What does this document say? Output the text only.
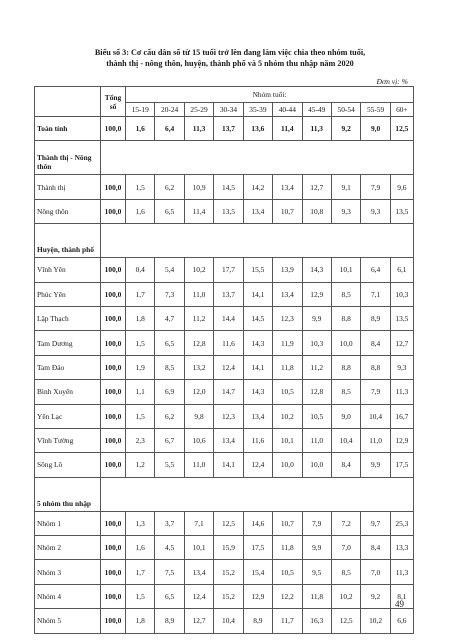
Biểu số 3: Cơ cấu dân số từ 15 tuổi trở lên đang làm việc chia theo nhóm tuổi,
thành thị - nông thôn, huyện, thành phố và 5 nhóm thu nhập năm 2020
Đơn vị: %
	Tổng số	Nhóm tuổi:									
		15-19	20-24	25-29	30-34	35-39	40-44	45-49	50-54	55-59	60+
Toàn tỉnh	100,0	1,6	6,4	11,3	13,7	13,6	11,4	11,3	9,2	9,0	12,5
Thành thị - Nông thôn											
Thành thị	100,0	1,5	6,2	10,9	14,5	14,2	13,4	12,7	9,1	7,9	9,6
Nông thôn	100,0	1,6	6,5	11,4	13,5	13,4	10,7	10,8	9,3	9,3	13,5
Huyện, thành phố											
Vĩnh Yên	100,0	0,4	5,4	10,2	17,7	15,5	13,9	14,3	10,1	6,4	6,1
Phúc Yên	100,0	1,7	7,3	11,0	13,7	14,1	13,4	12,9	8,5	7,1	10,3
Lập Thạch	100,0	1,8	4,7	11,2	14,4	14,5	12,3	9,9	8,8	8,9	13,5
Tam Dương	100,0	1,5	6,5	12,8	11,6	14,3	11,9	10,3	10,0	8,4	12,7
Tam Đảo	100,0	1,9	8,5	13,2	12,4	14,1	11,8	11,2	8,8	8,8	9,3
Bình Xuyên	100,0	1,1	6,9	12,0	14,7	14,3	10,5	12,8	8,5	7,9	11,3
Yên Lạc	100,0	1,5	6,2	9,8	12,3	13,4	10,2	10,5	9,0	10,4	16,7
Vĩnh Tường	100,0	2,3	6,7	10,6	13,4	11,6	10,1	11,0	10,4	11,0	12,9
Sông Lô	100,0	1,2	5,5	11,0	14,1	12,4	10,0	10,0	8,4	9,9	17,5
5 nhóm thu nhập											
Nhóm 1	100,0	1,3	3,7	7,1	12,5	14,6	10,7	7,9	7,2	9,7	25,3
Nhóm 2	100,0	1,6	4,5	10,1	15,9	17,5	11,8	9,9	7,0	8,4	13,3
Nhóm 3	100,0	1,7	7,5	13,4	15,2	15,4	10,5	9,5	8,5	7,0	11,3
Nhóm 4	100,0	1,5	6,5	12,4	15,2	12,9	12,2	11,8	10,2	9,2	8,1
Nhóm 5	100,0	1,8	8,9	12,7	10,4	8,9	11,7	16,3	12,5	10,2	6,6
49
